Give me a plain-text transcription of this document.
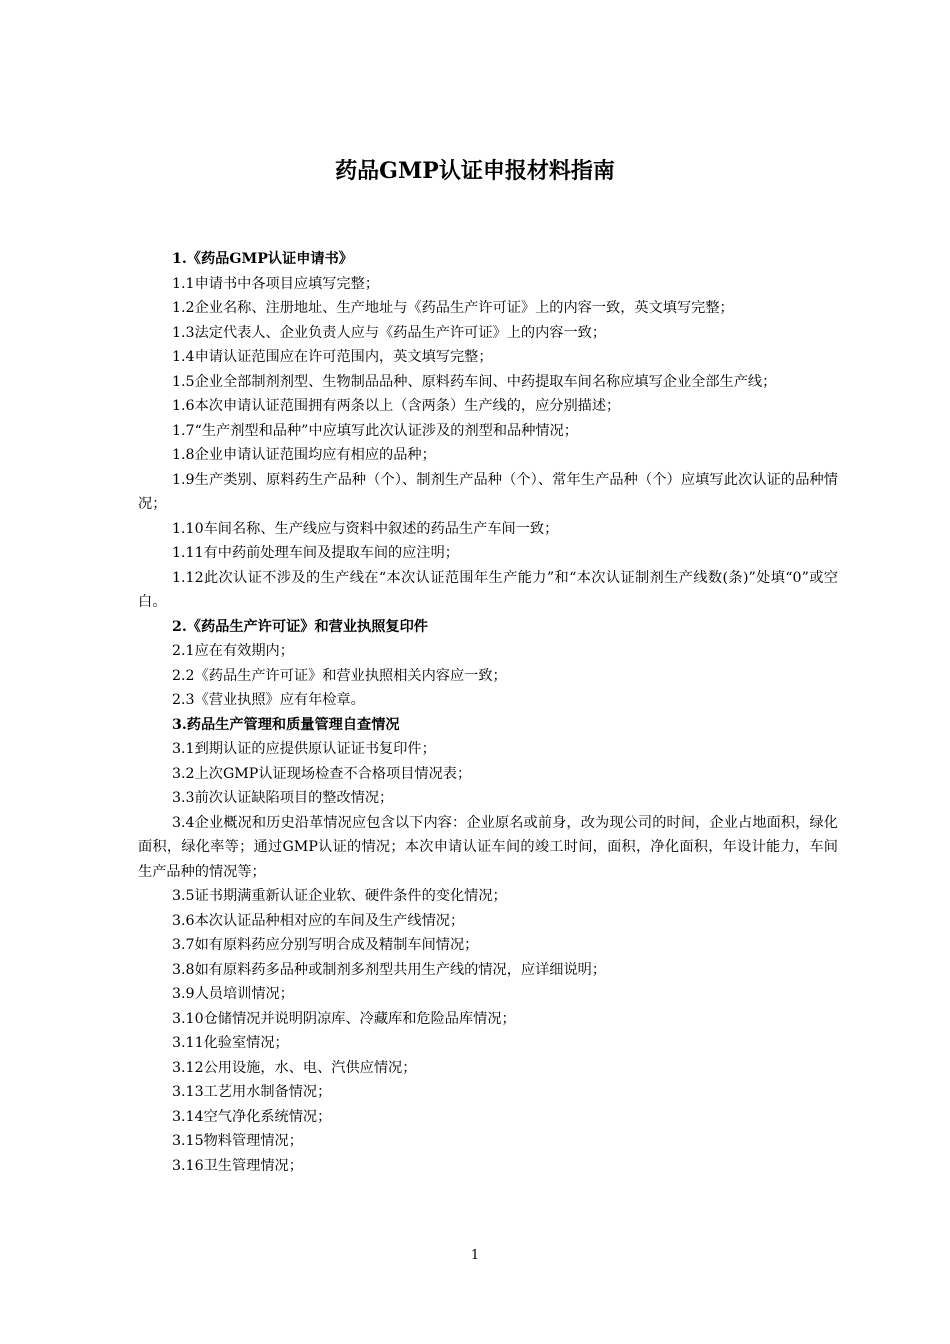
药品GMP认证申报材料指南

1.《药品GMP认证申请书》

1.1申请书中各项目应填写完整；

1.2企业名称、注册地址、生产地址与《药品生产许可证》上的内容一致，英文填写完整；

1.3法定代表人、企业负责人应与《药品生产许可证》上的内容一致；

1.4申请认证范围应在许可范围内，英文填写完整；

1.5企业全部制剂剂型、生物制品品种、原料药车间、中药提取车间名称应填写企业全部生产线；

1.6本次申请认证范围拥有两条以上（含两条）生产线的，应分别描述；

1.7“生产剂型和品种”中应填写此次认证涉及的剂型和品种情况；

1.8企业申请认证范围均应有相应的品种；

1.9生产类别、原料药生产品种（个）、制剂生产品种（个）、常年生产品种（个）应填写此次认证的品种情况；

1.10车间名称、生产线应与资料中叙述的药品生产车间一致；

1.11有中药前处理车间及提取车间的应注明；

1.12此次认证不涉及的生产线在“本次认证范围年生产能力”和“本次认证制剂生产线数(条)”处填“0”或空白。

2.《药品生产许可证》和营业执照复印件

2.1应在有效期内；

2.2《药品生产许可证》和营业执照相关内容应一致；

2.3《营业执照》应有年检章。

3.药品生产管理和质量管理自查情况

3.1到期认证的应提供原认证证书复印件；

3.2上次GMP认证现场检查不合格项目情况表；

3.3前次认证缺陷项目的整改情况；

3.4企业概况和历史沿革情况应包含以下内容：企业原名或前身，改为现公司的时间，企业占地面积，绿化面积，绿化率等；通过GMP认证的情况；本次申请认证车间的竣工时间，面积，净化面积，年设计能力，车间生产品种的情况等；

3.5证书期满重新认证企业软、硬件条件的变化情况；

3.6本次认证品种相对应的车间及生产线情况；

3.7如有原料药应分别写明合成及精制车间情况；

3.8如有原料药多品种或制剂多剂型共用生产线的情况，应详细说明；

3.9人员培训情况；

3.10仓储情况并说明阴凉库、冷藏库和危险品库情况；

3.11化验室情况；

3.12公用设施，水、电、汽供应情况；

3.13工艺用水制备情况；

3.14空气净化系统情况；

3.15物料管理情况；

3.16卫生管理情况；

1
